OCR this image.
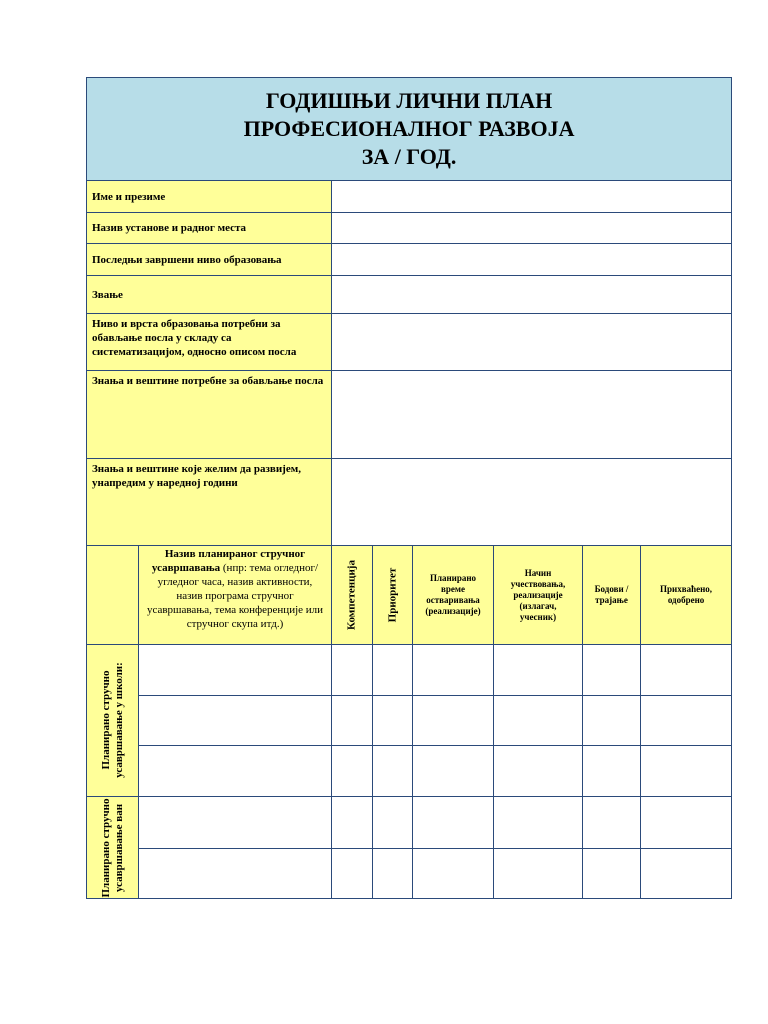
ГОДИШЊИ ЛИЧНИ ПЛАН
ПРОФЕСИОНАЛНОГ РАЗВОЈА
ЗА / ГОД.							

Име и презиме							
Назив установе и радног места							
Последњи завршени ниво образовања							
Звање							
Ниво и врста образовања потребни за обављање посла у складу са систематизацијом, односно описом посла							
Знања и вештине потребне за обављање посла							
Знања и вештине које желим да развијем, унапредим у наредној години							
	Назив планираног стручног усавршавања (нпр: тема огледног/угледног часа, назив активности, назив програма стручног усавршавања, тема конференције или стручног скупа итд.)	Компетенција	Приоритет	Планирано време остваривања (реализације)	Начин учествовања, реализације (излагач, учесник)	Бодови / трајање	Прихваћено, одобрено

Планирано стручно усавршавање у школи:							

Планирано стручно усавршавање ван							
